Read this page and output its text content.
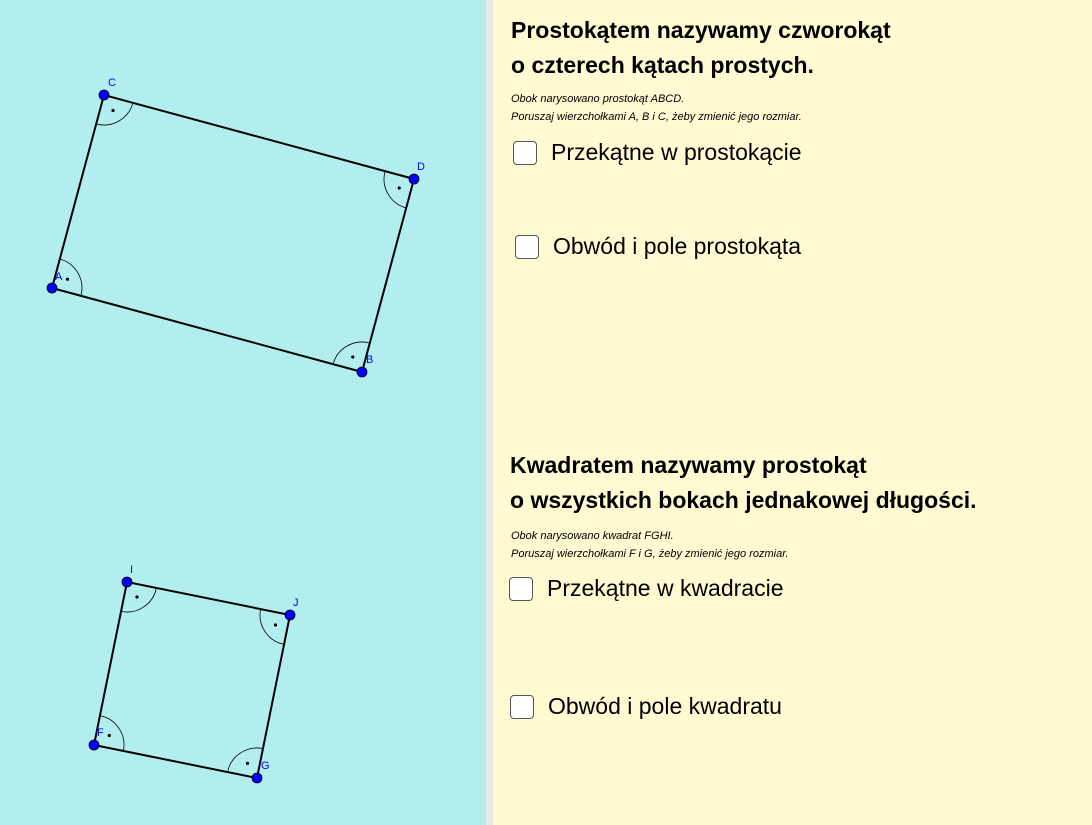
A
B
C
D
F
G
J
I

Prostokątem nazywamy czworokąt

o czterech kątach prostych.

Obok narysowano prostokąt ABCD.

Poruszaj wierzchołkami A, B i C, żeby zmienić jego rozmiar.

Przekątne w prostokącie
Obwód i pole prostokąta

Kwadratem nazywamy prostokąt

o wszystkich bokach jednakowej długości.

Obok narysowano kwadrat FGHI.

Poruszaj wierzchołkami F i G, żeby zmienić jego rozmiar.

Przekątne w kwadracie
Obwód i pole kwadratu
